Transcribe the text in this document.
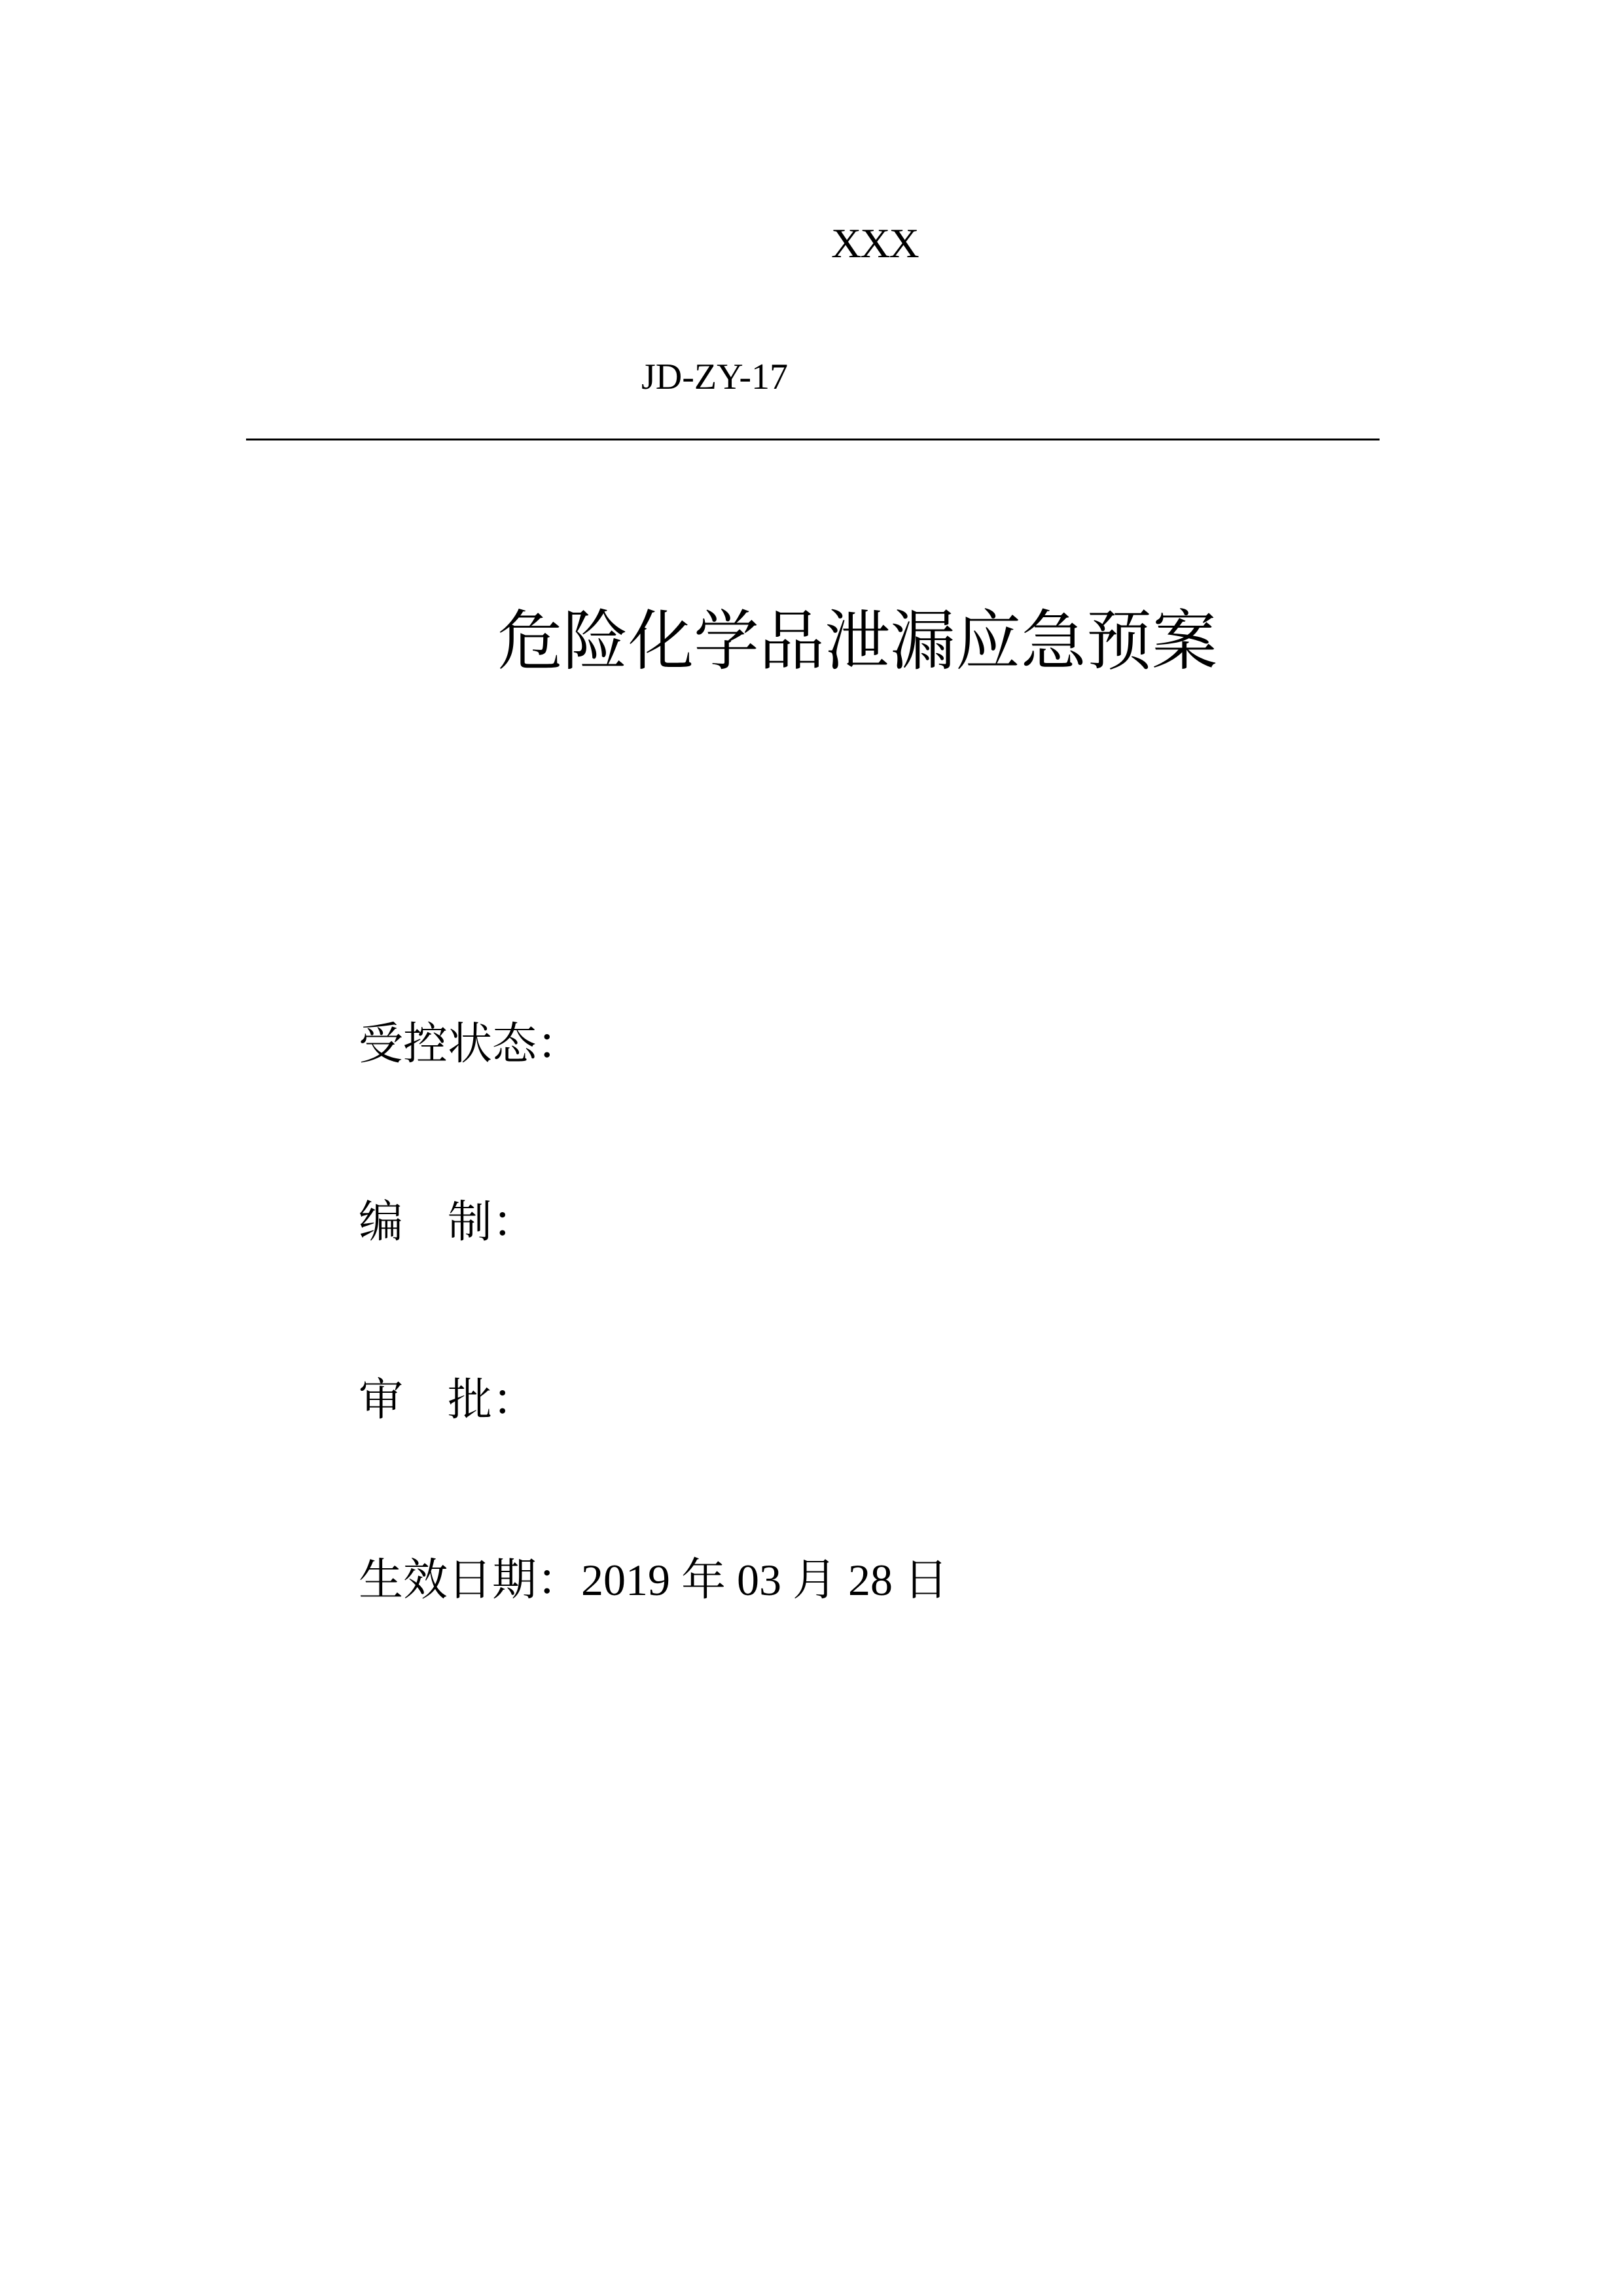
XXX
JD-ZY-17
危险化学品泄漏应急预案
受控状态：
编　制：
审　批：
生效日期：2019 年 03 月 28 日
